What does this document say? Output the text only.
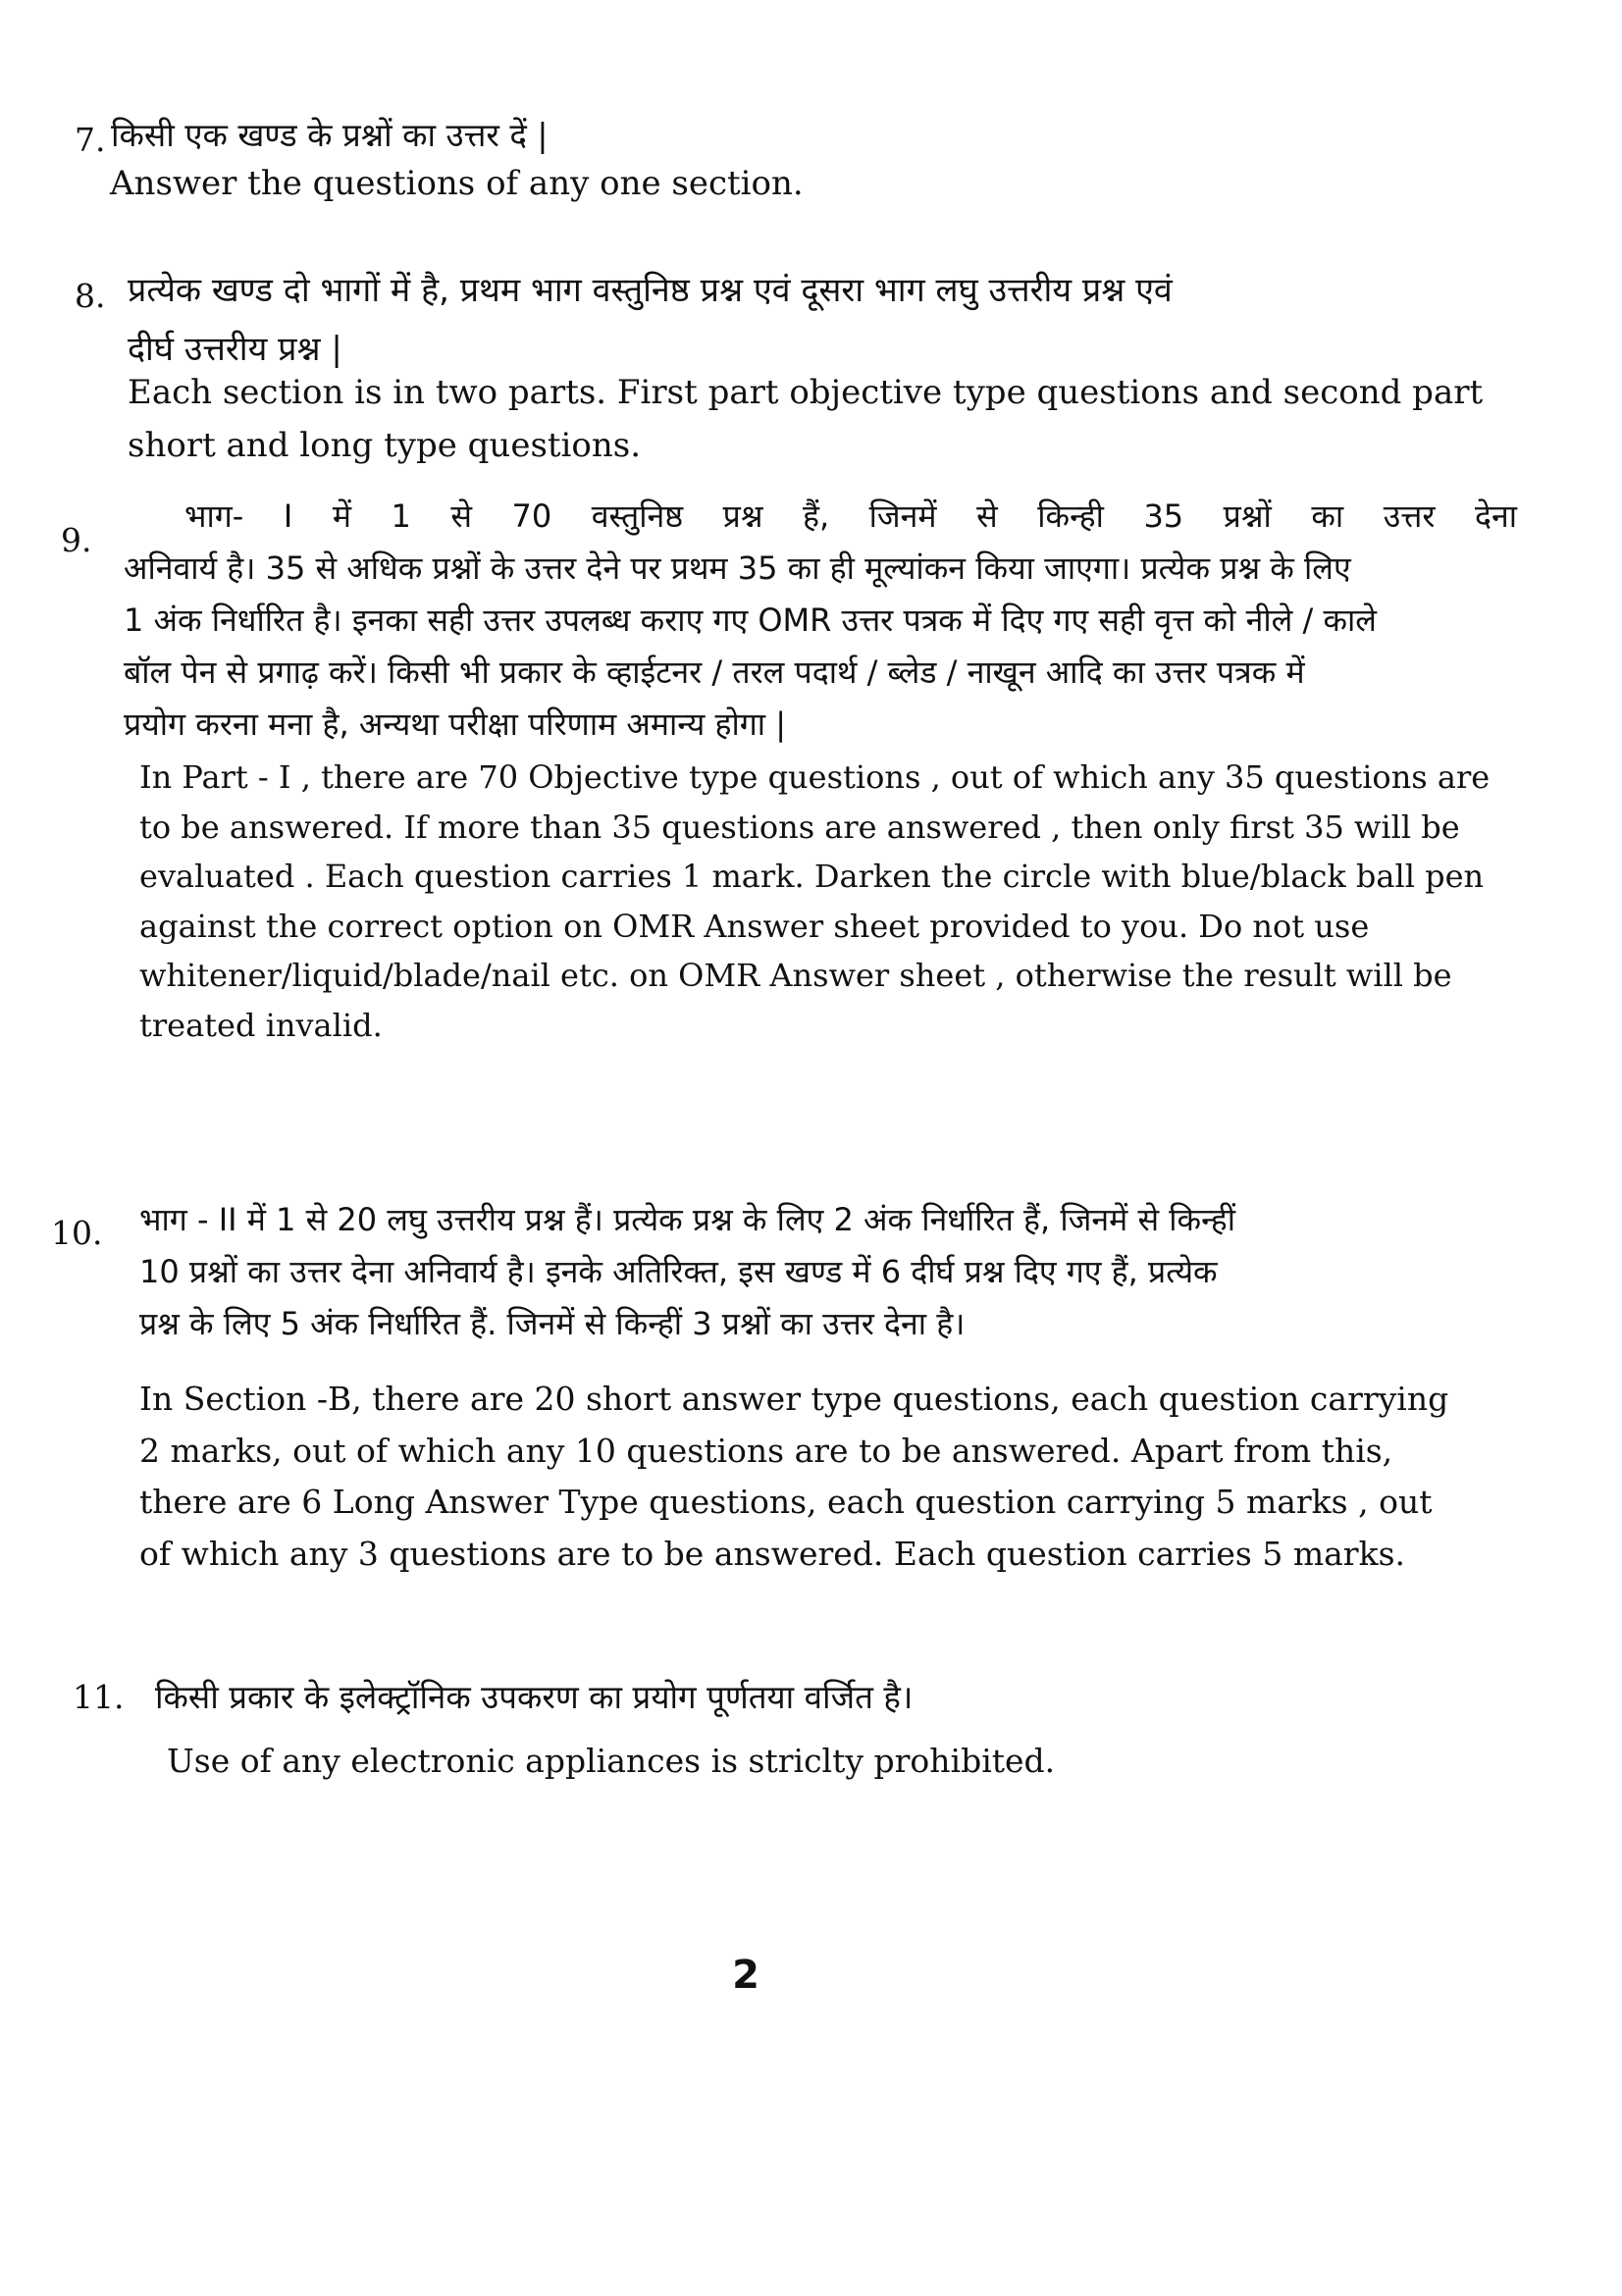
7. किसी एक खण्ड के प्रश्नों का उत्तर दें |

Answer the questions of any one section.

8. प्रत्येक खण्ड दो भागों में है, प्रथम भाग वस्तुनिष्ठ प्रश्न एवं दूसरा भाग लघु उत्तरीय प्रश्न एवं

दीर्घ उत्तरीय प्रश्न |

Each section is in two parts. First part objective type questions and second part

short and long type questions.

9.

भाग- I में 1 से 70 वस्तुनिष्ठ प्रश्न हैं, जिनमें से किन्ही 35 प्रश्नों का उत्तर देना

अनिवार्य है। 35 से अधिक प्रश्नों के उत्तर देने पर प्रथम 35 का ही मूल्यांकन किया जाएगा। प्रत्येक प्रश्न के लिए

1 अंक निर्धारित है। इनका सही उत्तर उपलब्ध कराए गए OMR उत्तर पत्रक में दिए गए सही वृत्त को नीले / काले

बॉल पेन से प्रगाढ़ करें। किसी भी प्रकार के व्हाईटनर / तरल पदार्थ / ब्लेड / नाखून आदि का उत्तर पत्रक में

प्रयोग करना मना है, अन्यथा परीक्षा परिणाम अमान्य होगा |

In Part - I , there are 70 Objective type questions , out of which any 35 questions are

to be answered. If more than 35 questions are answered , then only first 35 will be

evaluated . Each question carries 1 mark. Darken the circle with blue/black ball pen

against the correct option on OMR Answer sheet provided to you. Do not use

whitener/liquid/blade/nail etc. on OMR Answer sheet , otherwise the result will be

treated invalid.

10. भाग - II में 1 से 20 लघु उत्तरीय प्रश्न हैं। प्रत्येक प्रश्न के लिए 2 अंक निर्धारित हैं, जिनमें से किन्हीं

10 प्रश्नों का उत्तर देना अनिवार्य है। इनके अतिरिक्त, इस खण्ड में 6 दीर्घ प्रश्न दिए गए हैं, प्रत्येक

प्रश्न के लिए 5 अंक निर्धारित हैं. जिनमें से किन्हीं 3 प्रश्नों का उत्तर देना है।

In Section -B, there are 20 short answer type questions, each question carrying

2 marks, out of which any 10 questions are to be answered. Apart from this,

there are 6 Long Answer Type questions, each question carrying 5 marks , out

of which any 3 questions are to be answered. Each question carries 5 marks.

11. किसी प्रकार के इलेक्ट्रॉनिक उपकरण का प्रयोग पूर्णतया वर्जित है।

Use of any electronic appliances is striclty prohibited.

2
